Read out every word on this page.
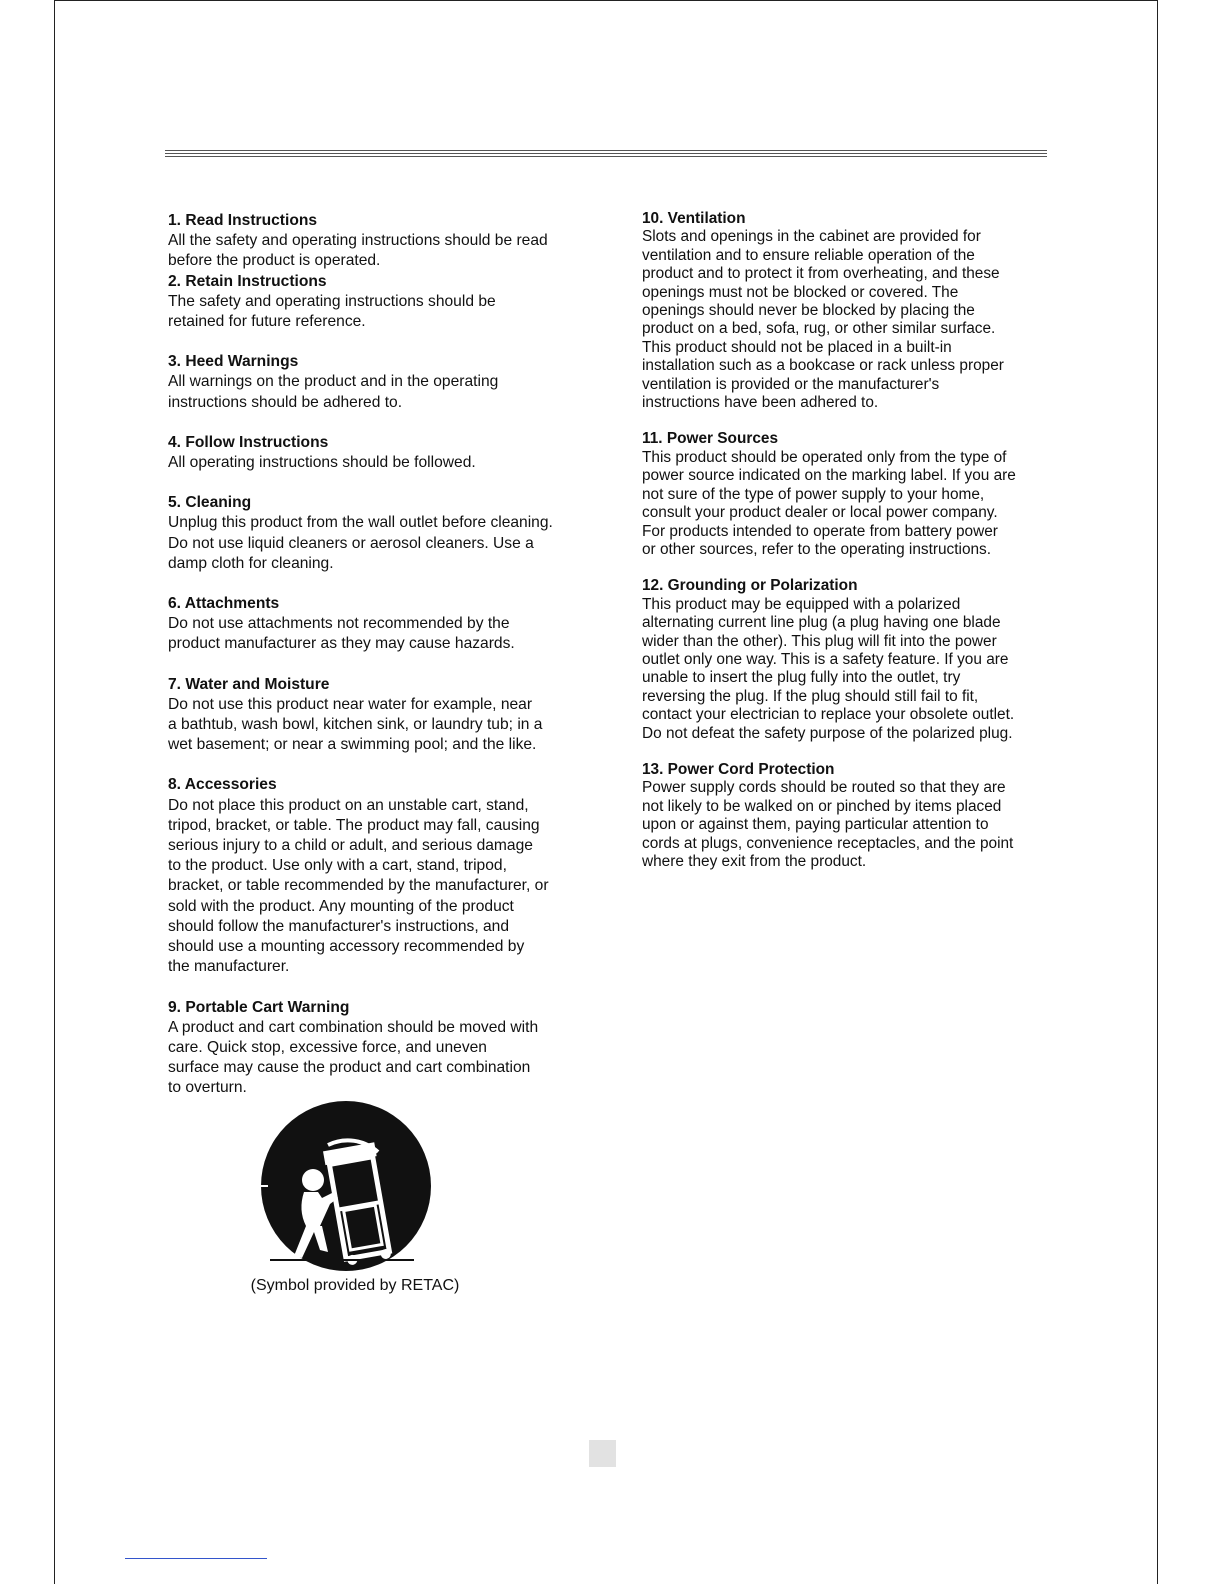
1. Read Instructions

All the safety and operating instructions should be read
before the product is operated.

2. Retain Instructions

The safety and operating instructions should be
retained for future reference.

3. Heed Warnings

All warnings on the product and in the operating
instructions should be adhered to.

4. Follow Instructions

All operating instructions should be followed.

5. Cleaning

Unplug this product from the wall outlet before cleaning.
Do not use liquid cleaners or aerosol cleaners. Use a
damp cloth for cleaning.

6. Attachments

Do not use attachments not recommended by the
product manufacturer as they may cause hazards.

7. Water and Moisture

Do not use this product near water for example, near
a bathtub, wash bowl, kitchen sink, or laundry tub; in a
wet basement; or near a swimming pool; and the like.

8. Accessories

Do not place this product on an unstable cart, stand,
tripod, bracket, or table. The product may fall, causing
serious injury to a child or adult, and serious damage
to the product. Use only with a cart, stand, tripod,
bracket, or table recommended by the manufacturer, or
sold with the product. Any mounting of the product
should follow the manufacturer's instructions, and
should use a mounting accessory recommended by
the manufacturer.

9. Portable Cart Warning

A product and cart combination should be moved with
care. Quick stop, excessive force, and uneven
surface may cause the product and cart combination
to overturn.

(Symbol provided by RETAC)
10. Ventilation

Slots and openings in the cabinet are provided for
ventilation and to ensure reliable operation of the
product and to protect it from overheating, and these
openings must not be blocked or covered. The
openings should never be blocked by placing the
product on a bed, sofa, rug, or other similar surface.
This product should not be placed in a built-in
installation such as a bookcase or rack unless proper
ventilation is provided or the manufacturer's
instructions have been adhered to.

11. Power Sources

This product should be operated only from the type of
power source indicated on the marking label. If you are
not sure of the type of power supply to your home,
consult your product dealer or local power company.
For products intended to operate from battery power
or other sources, refer to the operating instructions.

12. Grounding or Polarization

This product may be equipped with a polarized
alternating current line plug (a plug having one blade
wider than the other). This plug will fit into the power
outlet only one way. This is a safety feature. If you are
unable to insert the plug fully into the outlet, try
reversing the plug. If the plug should still fail to fit,
contact your electrician to replace your obsolete outlet.
Do not defeat the safety purpose of the polarized plug.

13. Power Cord Protection

Power supply cords should be routed so that they are
not likely to be walked on or pinched by items placed
upon or against them, paying particular attention to
cords at plugs, convenience receptacles, and the point
where they exit from the product.
